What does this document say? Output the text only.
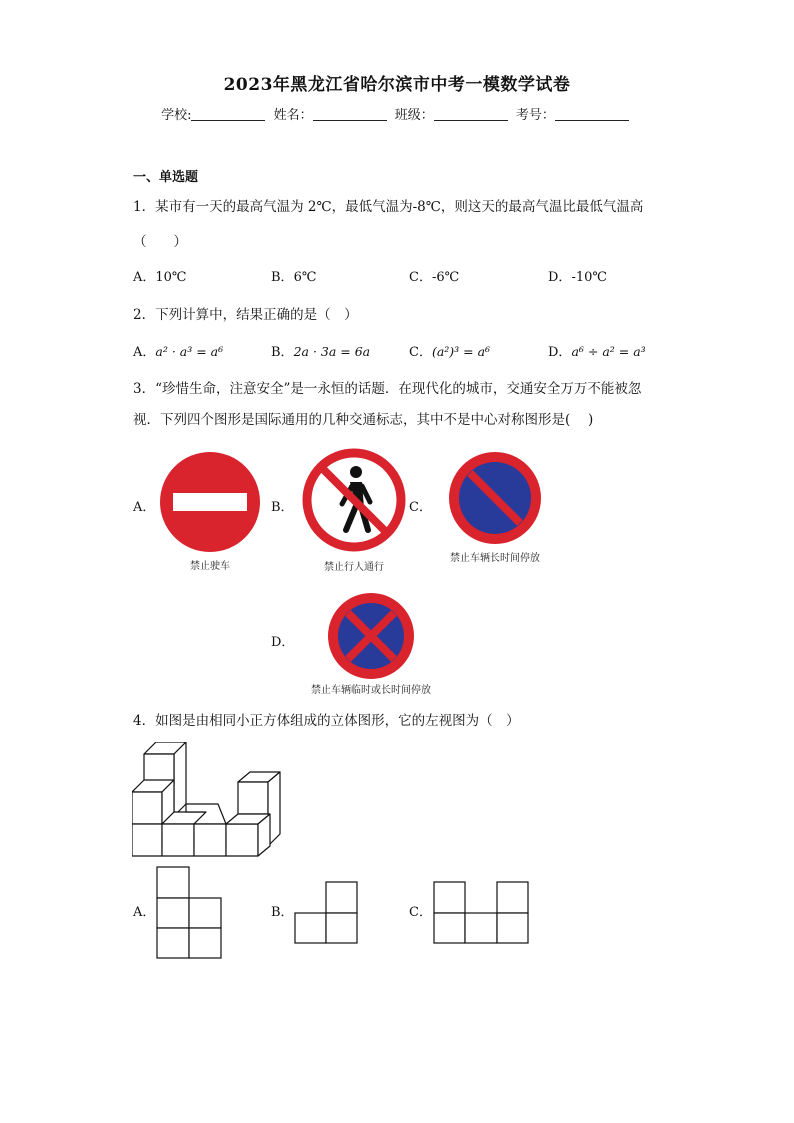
2023年黑龙江省哈尔滨市中考一模数学试卷
学校:	姓名：	班级：	考号：
一、单选题
1．某市有一天的最高气温为 2℃，最低气温为-8℃，则这天的最高气温比最低气温高
（　　）
A．10℃	B．6℃	C．-6℃	D．-10℃
2．下列计算中，结果正确的是（　）
A．a² · a³ = a⁶	B．2a · 3a = 6a	C．(a²)³ = a⁶	D．a⁶ ÷ a² = a³
3．“珍惜生命，注意安全”是一永恒的话题．在现代化的城市，交通安全万万不能被忽
视．下列四个图形是国际通用的几种交通标志，其中不是中心对称图形是(　 )
A．
禁止驶车
B．
禁止行人通行
C．
禁止车辆长时间停放
D．
禁止车辆临时或长时间停放
4．如图是由相同小正方体组成的立体图形，它的左视图为（　）
A．	B．	C．
